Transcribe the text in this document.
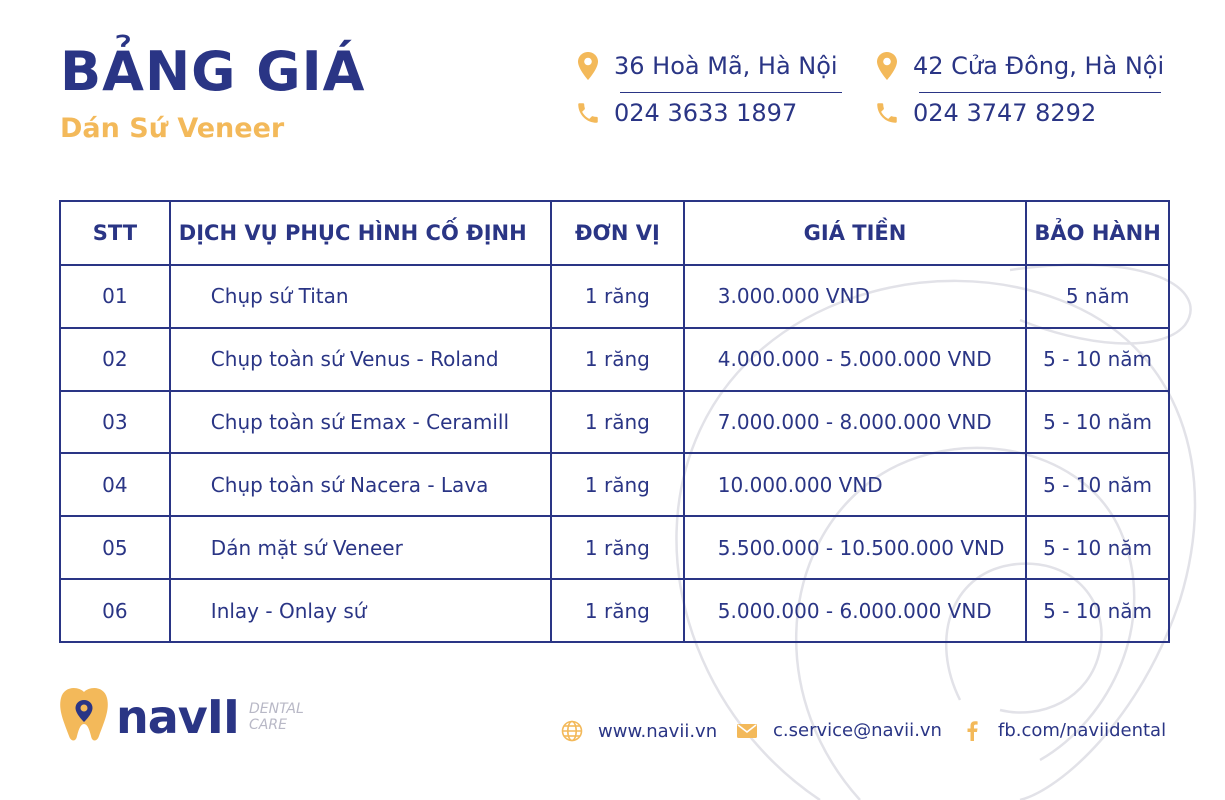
BẢNG GIÁ
Dán Sứ Veneer
36 Hoà Mã, Hà Nội
024 3633 1897
42 Cửa Đông, Hà Nội
024 3747 8292
STT	DỊCH VỤ PHỤC HÌNH CỐ ĐỊNH	ĐƠN VỊ	GIÁ TIỀN	BẢO HÀNH
01	Chụp sứ Titan	1 răng	3.000.000 VND	5 năm
02	Chụp toàn sứ Venus - Roland	1 răng	4.000.000 - 5.000.000 VND	5 - 10 năm
03	Chụp toàn sứ Emax - Ceramill	1 răng	7.000.000 - 8.000.000 VND	5 - 10 năm
04	Chụp toàn sứ Nacera - Lava	1 răng	10.000.000 VND	5 - 10 năm
05	Dán mặt sứ Veneer	1 răng	5.500.000 - 10.500.000 VND	5 - 10 năm
06	Inlay - Onlay sứ	1 răng	5.000.000 - 6.000.000 VND	5 - 10 năm
navII DENTAL
CARE	www.navii.vn	c.service@navii.vn	fb.com/naviidental
